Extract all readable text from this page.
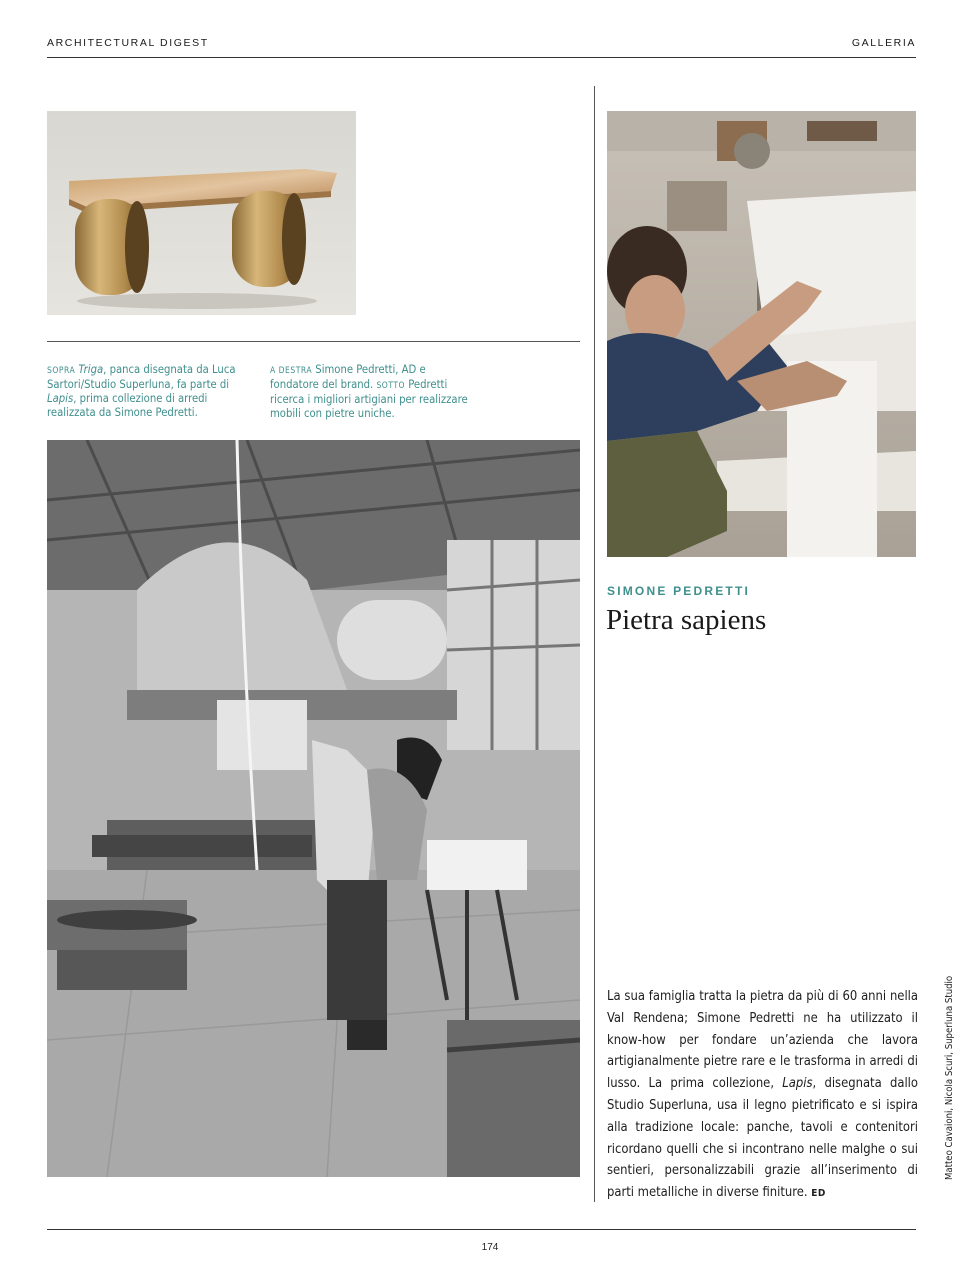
ARCHITECTURAL DIGEST	GALLERIA
SOPRA Triga, panca disegnata da Luca Sartori/Studio Superluna, fa parte di Lapis, prima collezione di arredi realizzata da Simone Pedretti.
A DESTRA Simone Pedretti, AD e fondatore del brand. SOTTO Pedretti ricerca i migliori artigiani per realizzare mobili con pietre uniche.
SIMONE PEDRETTI
Pietra sapiens

La sua famiglia tratta la pietra da più di 60 anni nella Val Rendena; Simone Pedretti ne ha utilizzato il know-how per fondare un’azienda che lavora artigianalmente pietre rare e le trasforma in arredi di lusso. La prima collezione, Lapis, disegnata dallo Studio Superluna, usa il legno pietrificato e si ispira alla tradizione locale: panche, tavoli e contenitori ricordano quelli che si incontrano nelle malghe o sui sentieri, personalizzabili grazie all’inserimento di parti metalliche in diverse finiture. ED

Matteo Cavaioni, Nicola Scuri, Superluna Studio
174
